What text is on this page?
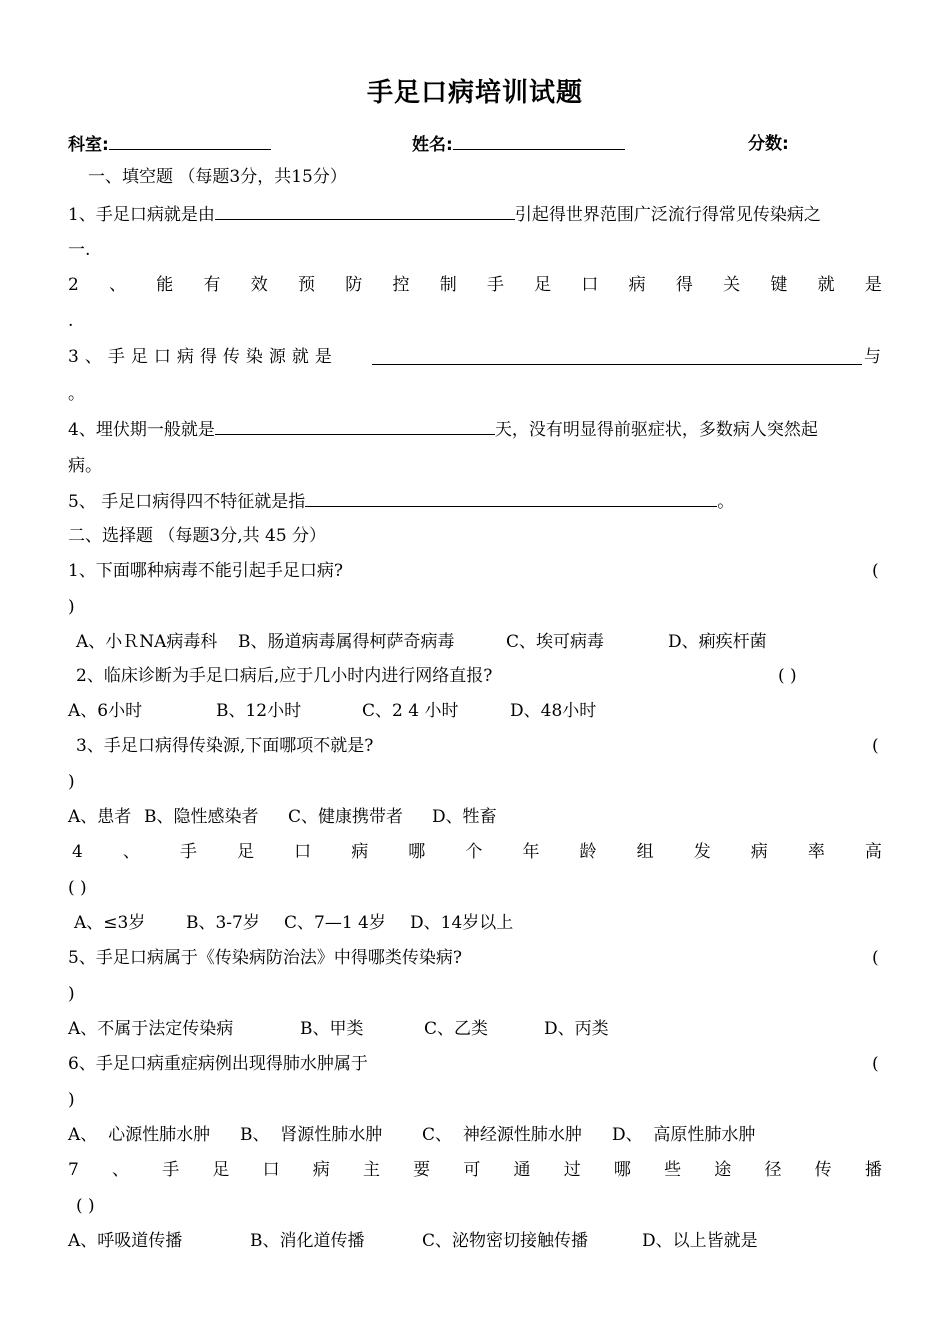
手足口病培训试题
科室:	姓名:	分数:
一、填空题 （每题3分，共15分）
1、手足口病就是由	引起得世界范围广泛流行得常见传染病之
一.
2 、 能 有 效 预 防 控 制 手 足 口 病 得 关 键 就 是
.
3、手足口病得传染源就是	与
。
4、埋伏期一般就是	天，没有明显得前驱症状，多数病人突然起
病。
5、 手足口病得四不特征就是指	。
二、选择题 （每题3分,共 45 分）
1、下面哪种病毒不能引起手足口病?	(
)
A、小ＲNA病毒科 B、肠道病毒属得柯萨奇病毒	C、埃可病毒	D、痢疾杆菌
2、临床诊断为手足口病后,应于几小时内进行网络直报?	( )
A、6小时	B、12小时	C、2 4 小时	D、48小时
3、手足口病得传染源,下面哪项不就是?	(
)
A、患者 B、隐性感染者 C、健康携带者 D、牲畜
4 、 手 足 口 病 哪 个 年 龄 组 发 病 率 高
( )
A、≤3岁 B、3-7岁 C、7—1 4岁 D、14岁以上
5、手足口病属于《传染病防治法》中得哪类传染病?	(
)
A、不属于法定传染病	B、甲类	C、乙类	D、丙类
6、手足口病重症病例出现得肺水肿属于	(
)
A、  心源性肺水肿 B、  肾源性肺水肿 C、  神经源性肺水肿 D、  高原性肺水肿
7 、 手 足 口 病 主 要 可 通 过 哪 些 途 径 传 播
( )
A、呼吸道传播	B、消化道传播	C、泌物密切接触传播	D、以上皆就是
